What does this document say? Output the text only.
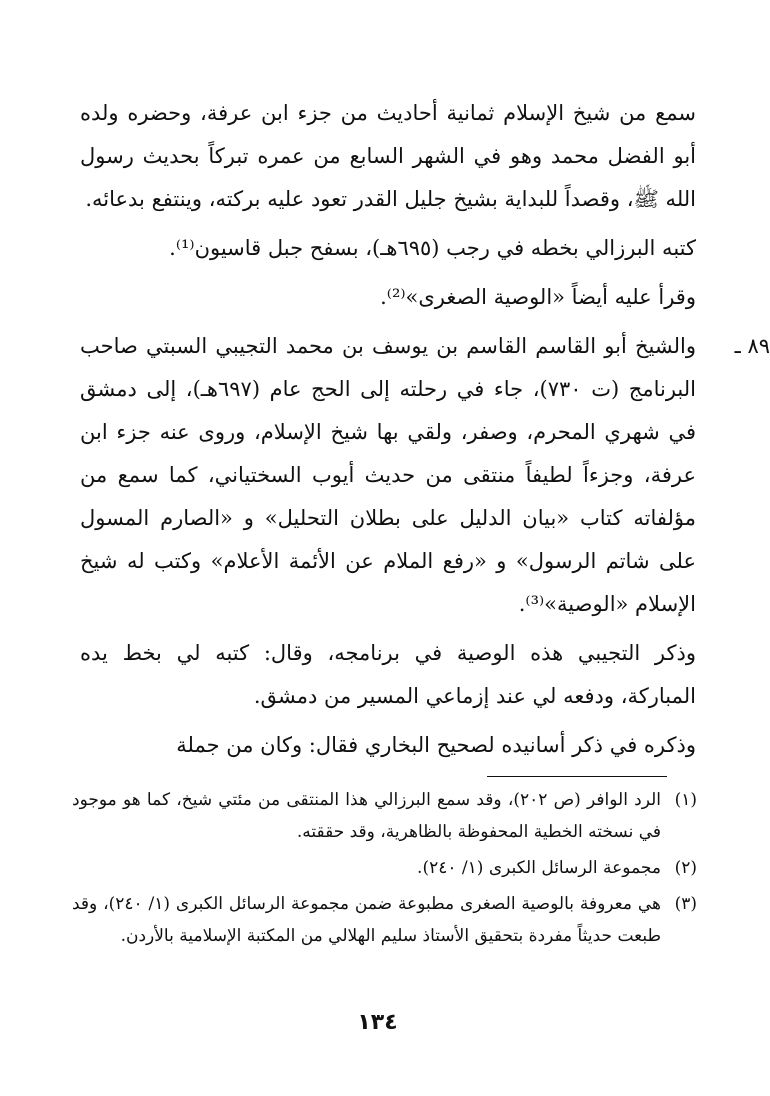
سمع من شيخ الإسلام ثمانية أحاديث من جزء ابن عرفة، وحضره ولده أبو الفضل محمد وهو في الشهر السابع من عمره تبركاً بحديث رسول الله ﷺ، وقصداً للبداية بشيخ جليل القدر تعود عليه بركته، وينتفع بدعائه.

كتبه البرزالي بخطه في رجب (٦٩٥هـ)، بسفح جبل قاسيون⁽¹⁾.

وقرأ عليه أيضاً «الوصية الصغرى»⁽²⁾.

٨٩ ـ
والشيخ أبو القاسم القاسم بن يوسف بن محمد التجيبي السبتي صاحب البرنامج (ت ٧٣٠)، جاء في رحلته إلى الحج عام (٦٩٧هـ)، إلى دمشق في شهري المحرم، وصفر، ولقي بها شيخ الإسلام، وروى عنه جزء ابن عرفة، وجزءاً لطيفاً منتقى من حديث أيوب السختياني، كما سمع من مؤلفاته كتاب «بيان الدليل على بطلان التحليل» و «الصارم المسول على شاتم الرسول» و «رفع الملام عن الأئمة الأعلام» وكتب له شيخ الإسلام «الوصية»⁽³⁾.

وذكر التجيبي هذه الوصية في برنامجه، وقال: كتبه لي بخط يده المباركة، ودفعه لي عند إزماعي المسير من دمشق.

وذكره في ذكر أسانيده لصحيح البخاري فقال: وكان من جملة

(١)
الرد الوافر (ص ٢٠٢)، وقد سمع البرزالي هذا المنتقى من مئتي شيخ، كما هو موجود في نسخته الخطية المحفوظة بالظاهرية، وقد حققته.
(٢)
مجموعة الرسائل الكبرى (١/ ٢٤٠).
(٣)
هي معروفة بالوصية الصغرى مطبوعة ضمن مجموعة الرسائل الكبرى (١/ ٢٤٠)، وقد طبعت حديثاً مفردة بتحقيق الأستاذ سليم الهلالي من المكتبة الإسلامية بالأردن.
١٣٤
